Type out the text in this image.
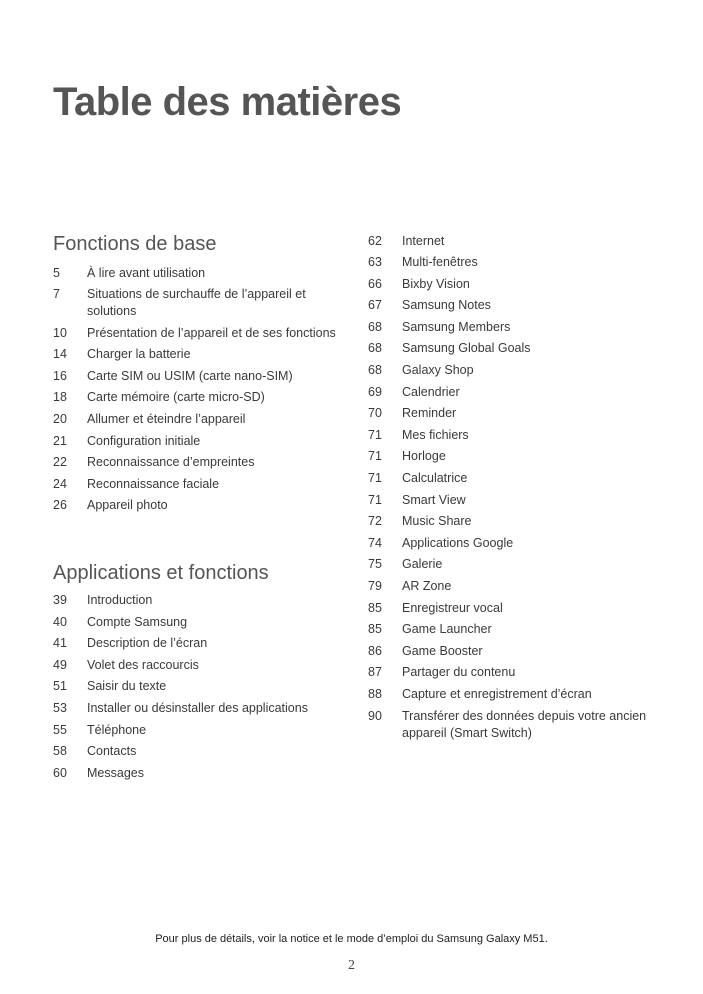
Table des matières
Fonctions de base
5	À lire avant utilisation
7	Situations de surchauffe de l’appareil et solutions
10	Présentation de l’appareil et de ses fonctions
14	Charger la batterie
16	Carte SIM ou USIM (carte nano-SIM)
18	Carte mémoire (carte micro-SD)
20	Allumer et éteindre l’appareil
21	Configuration initiale
22	Reconnaissance d’empreintes
24	Reconnaissance faciale
26	Appareil photo
Applications et fonctions
39	Introduction
40	Compte Samsung
41	Description de l’écran
49	Volet des raccourcis
51	Saisir du texte
53	Installer ou désinstaller des applications
55	Téléphone
58	Contacts
60	Messages
62	Internet
63	Multi-fenêtres
66	Bixby Vision
67	Samsung Notes
68	Samsung Members
68	Samsung Global Goals
68	Galaxy Shop
69	Calendrier
70	Reminder
71	Mes fichiers
71	Horloge
71	Calculatrice
71	Smart View
72	Music Share
74	Applications Google
75	Galerie
79	AR Zone
85	Enregistreur vocal
85	Game Launcher
86	Game Booster
87	Partager du contenu
88	Capture et enregistrement d’écran
90	Transférer des données depuis votre ancien appareil (Smart Switch)
Pour plus de détails, voir la notice et le mode d’emploi du Samsung Galaxy M51.
2
